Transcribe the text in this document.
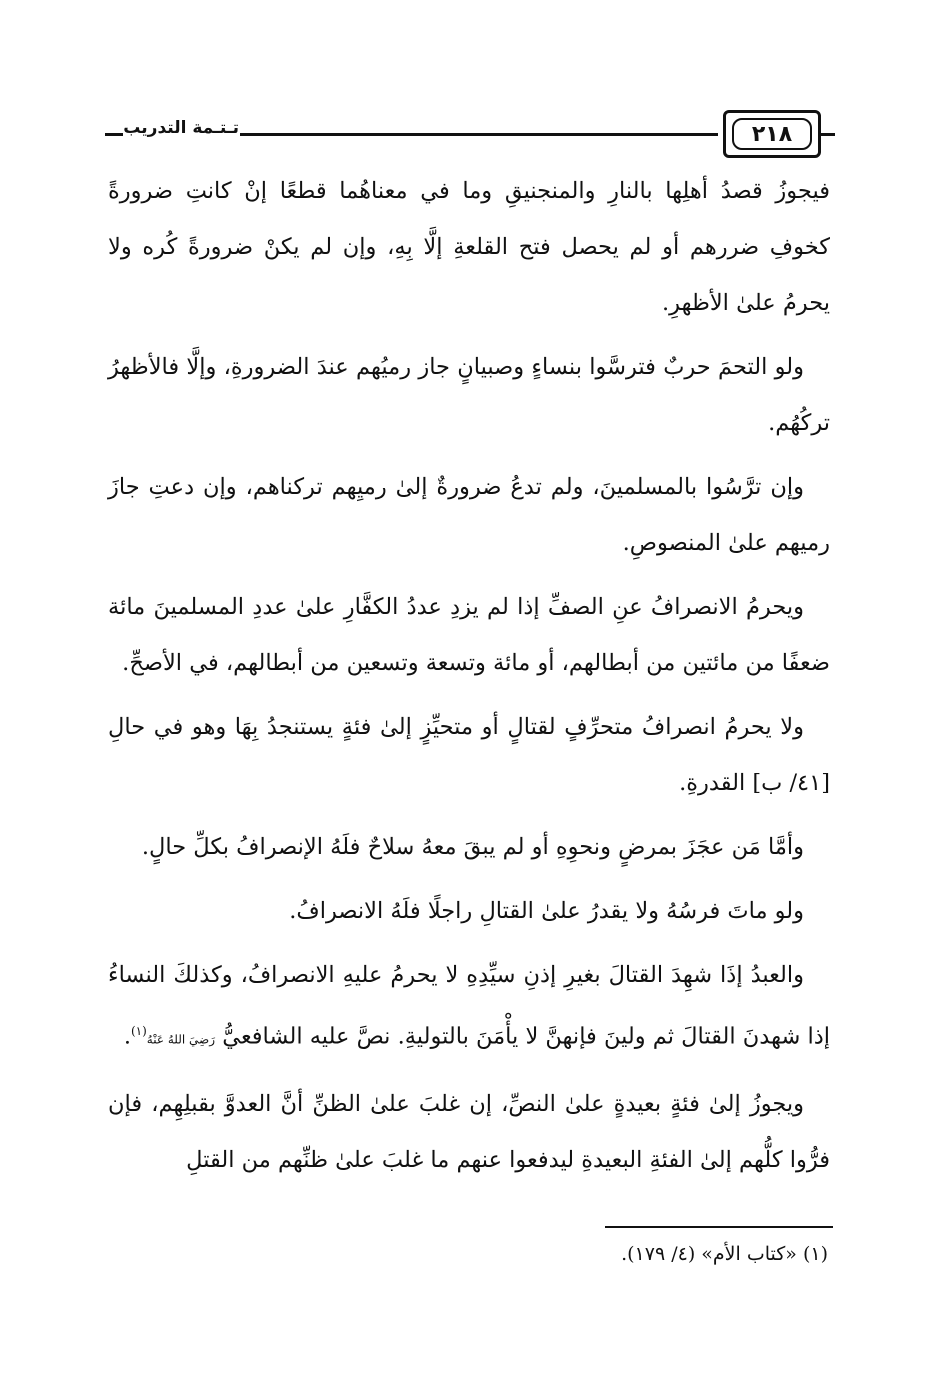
٢١٨
تـتـمة التدريب

فيجوزُ قصدُ أهلِها بالنارِ والمنجنيقِ وما في معناهُما قطعًا إنْ كانتِ ضرورةً كخوفِ ضررهم أو لم يحصل فتح القلعةِ إلَّا بِهِ، وإن لم يكنْ ضرورةً كُره ولا يحرمُ علىٰ الأظهرِ.

ولو التحمَ حربٌ فترسَّوا بنساءٍ وصبيانٍ جاز رميُهم عندَ الضرورةِ، وإلَّا فالأظهرُ تركُهُم.

وإن ترَّسُوا بالمسلمينَ، ولم تدعُ ضرورةٌ إلىٰ رميِهم تركناهم، وإن دعتِ جازَ رميهم علىٰ المنصوصِ.

ويحرمُ الانصرافُ عنِ الصفِّ إذا لم يزدِ عددُ الكفَّارِ علىٰ عددِ المسلمينَ مائة ضعفًا من مائتين من أبطالهم، أو مائة وتسعة وتسعين من أبطالهم، في الأصحِّ.

ولا يحرمُ انصرافُ متحرِّفٍ لقتالٍ أو متحيِّزٍ إلىٰ فئةٍ يستنجدُ بِهَا وهو في حالِ [٤١/ ب] القدرةِ.

وأمَّا مَن عجَزَ بمرضٍ ونحوِهِ أو لم يبقَ معهُ سلاحٌ فلَهُ الإنصرافُ بكلِّ حالٍ.

ولو ماتَ فرسُهُ ولا يقدرُ علىٰ القتالِ راجلًا فلَهُ الانصرافُ.

والعبدُ إذَا شهِدَ القتالَ بغيرِ إذنِ سيِّدِهِ لا يحرمُ عليهِ الانصرافُ، وكذلكَ النساءُ إذا شهدنَ القتالَ ثم ولينَ فإنهنَّ لا يأْمَنَ بالتوليةِ. نصَّ عليه الشافعيُّ رَضِيَ اللهُ عَنْهُ$^{(١)}$.

ويجوزُ إلىٰ فئةٍ بعيدةٍ علىٰ النصِّ، إن غلبَ علىٰ الظنِّ أنَّ العدوَّ بقبلِهِم، فإن فرُّوا كلُّهم إلىٰ الفئةِ البعيدةِ ليدفعوا عنهم ما غلبَ علىٰ ظنِّهم من القتلِ

(١) «كتاب الأم» (٤/ ١٧٩).
